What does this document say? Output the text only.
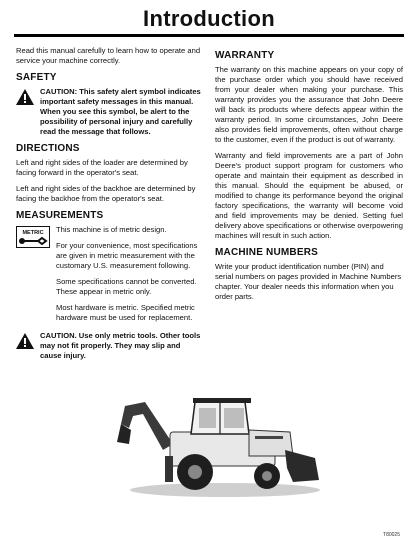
Introduction

Read this manual carefully to learn how to operate and service your machine correctly.

SAFETY

CAUTION: This safety alert symbol indicates important safety messages in this manual. When you see this symbol, be alert to the possibility of personal injury and carefully read the message that follows.

DIRECTIONS

Left and right sides of the loader are determined by facing forward in the operator's seat.

Left and right sides of the backhoe are determined by facing the backhoe from the operator's seat.

MEASUREMENTS
METRIC This machine is of metric design.

For your convenience, most specifications are given in metric measurement with the customary U.S. measurement following.

Some specifications cannot be converted. These appear in metric only.

Most hardware is metric. Specified metric hardware must be used for replacement.

CAUTION. Use only metric tools. Other tools may not fit properly. They may slip and cause injury.

WARRANTY

The warranty on this machine appears on your copy of the purchase order which you should have received from your dealer when making your purchase. This warranty provides you the assurance that John Deere will back its products where defects appear within the warranty period. In some circumstances, John Deere also provides field improvements, often without charge to the customer, even if the product is out of warranty.

Warranty and field improvements are a part of John Deere's product support program for customers who operate and maintain their equipment as described in this manual. Should the equipment be abused, or modified to change its performance beyond the original factory specifications, the warranty will become void and field improvements may be denied. Setting fuel delivery above specifications or otherwise overpowering machines will result in such action.

MACHINE NUMBERS

Write your product identification number (PIN) and serial numbers on pages provided in Machine Numbers chapter. Your dealer needs this information when you order parts.

T80025
